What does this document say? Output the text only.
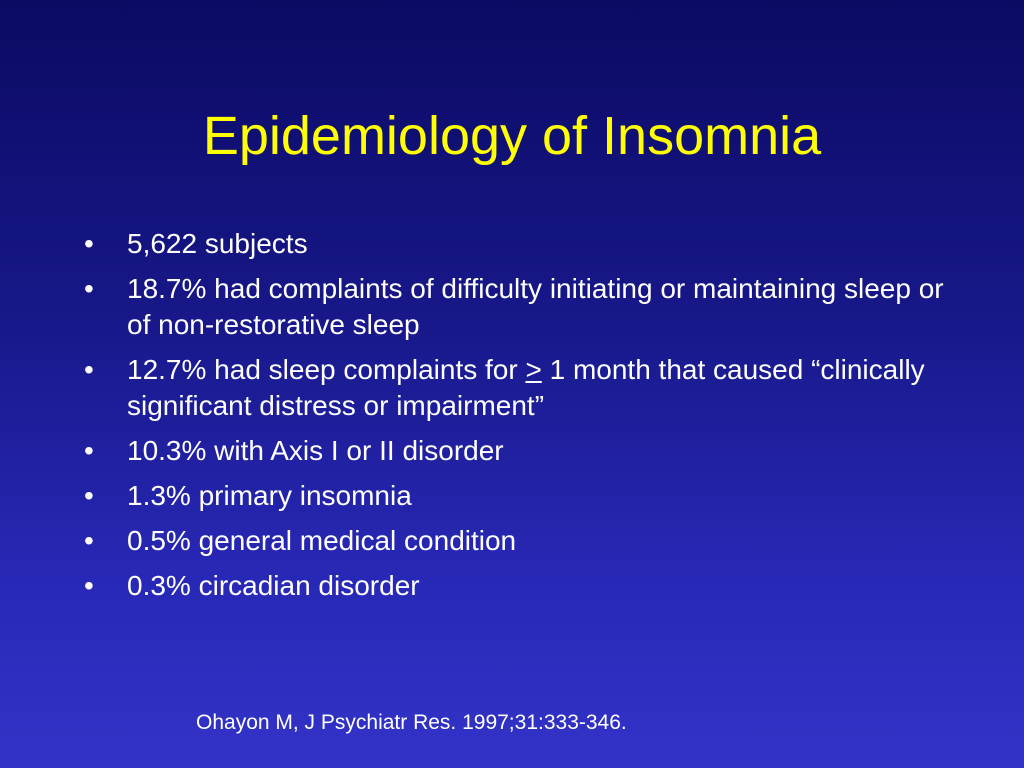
Epidemiology of Insomnia
•	5,622 subjects
•	18.7% had complaints of difficulty initiating or maintaining sleep or of non-restorative sleep
•	12.7% had sleep complaints for ≥ 1 month that caused “clinically significant distress or impairment”
•	10.3% with Axis I or II disorder
•	1.3% primary insomnia
•	0.5% general medical condition
•	0.3% circadian disorder
Ohayon M, J Psychiatr Res. 1997;31:333-346.
